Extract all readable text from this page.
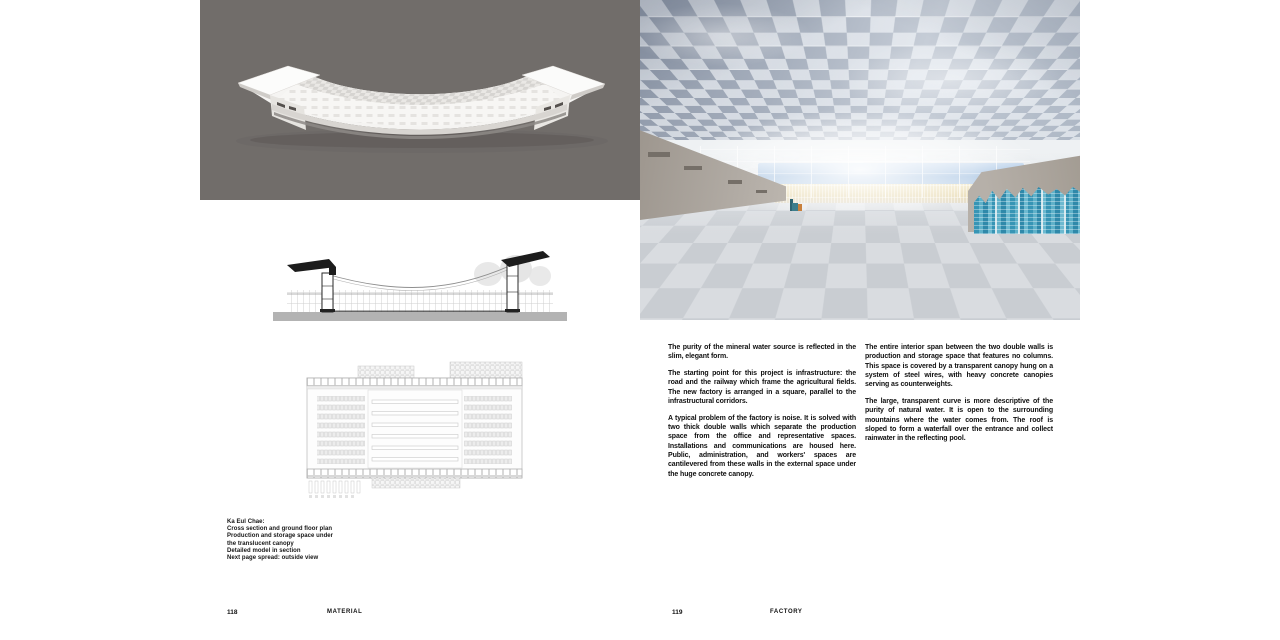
Ka Eul Chae:
Cross section and ground floor plan
Production and storage space under
the translucent canopy
Detailed model in section
Next page spread: outside view
118	MATERIAL

The purity of the mineral water source is reflected in the slim, elegant form.

The starting point for this project is infrastructure: the road and the railway which frame the agricultural fields. The new factory is arranged in a square, parallel to the infrastructural corridors.

A typical problem of the factory is noise. It is solved with two thick double walls which separate the production space from the office and representative spaces. Installations and communications are housed here. Public, administration, and workers' spaces are cantilevered from these walls in the external space under the huge concrete canopy.

The entire interior span between the two double walls is production and storage space that features no columns. This space is covered by a transparent canopy hung on a system of steel wires, with heavy concrete canopies serving as counterweights.

The large, transparent curve is more descriptive of the purity of natural water. It is open to the surrounding mountains where the water comes from. The roof is sloped to form a waterfall over the entrance and collect rainwater in the reflecting pool.

119	FACTORY
